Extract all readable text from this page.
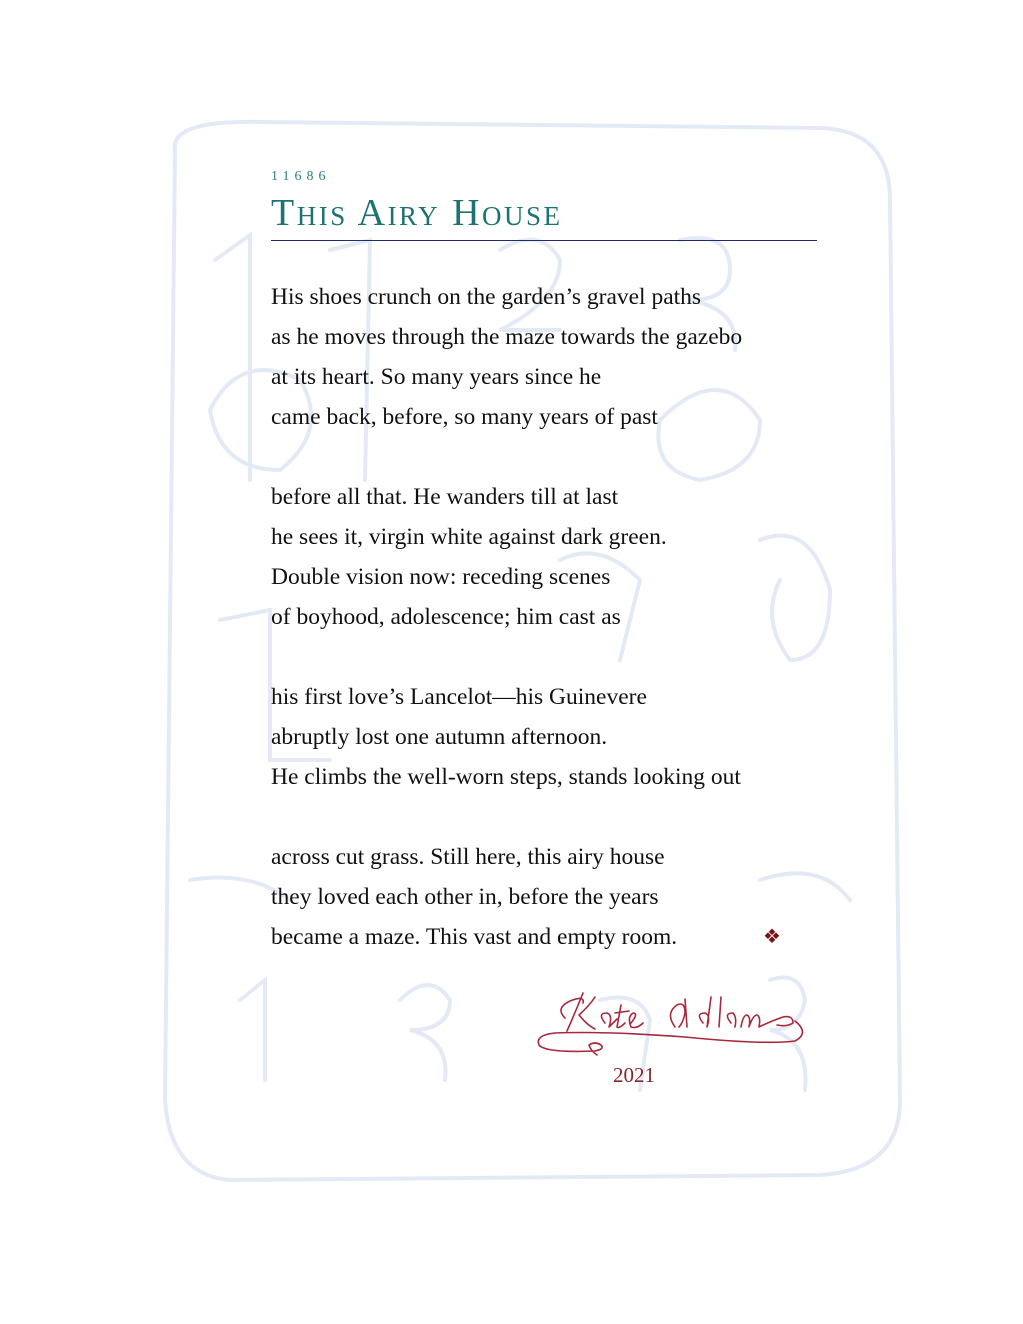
11686
This Airy House
His shoes crunch on the garden’s gravel paths
as he moves through the maze towards the gazebo
at its heart. So many years since he
came back, before, so many years of past
before all that. He wanders till at last
he sees it, virgin white against dark green.
Double vision now: receding scenes
of boyhood, adolescence; him cast as
his first love’s Lancelot—his Guinevere
abruptly lost one autumn afternoon.
He climbs the well-worn steps, stands looking out
across cut grass. Still here, this airy house
they loved each other in, before the years
became a maze. This vast and empty room.	❖
2021
